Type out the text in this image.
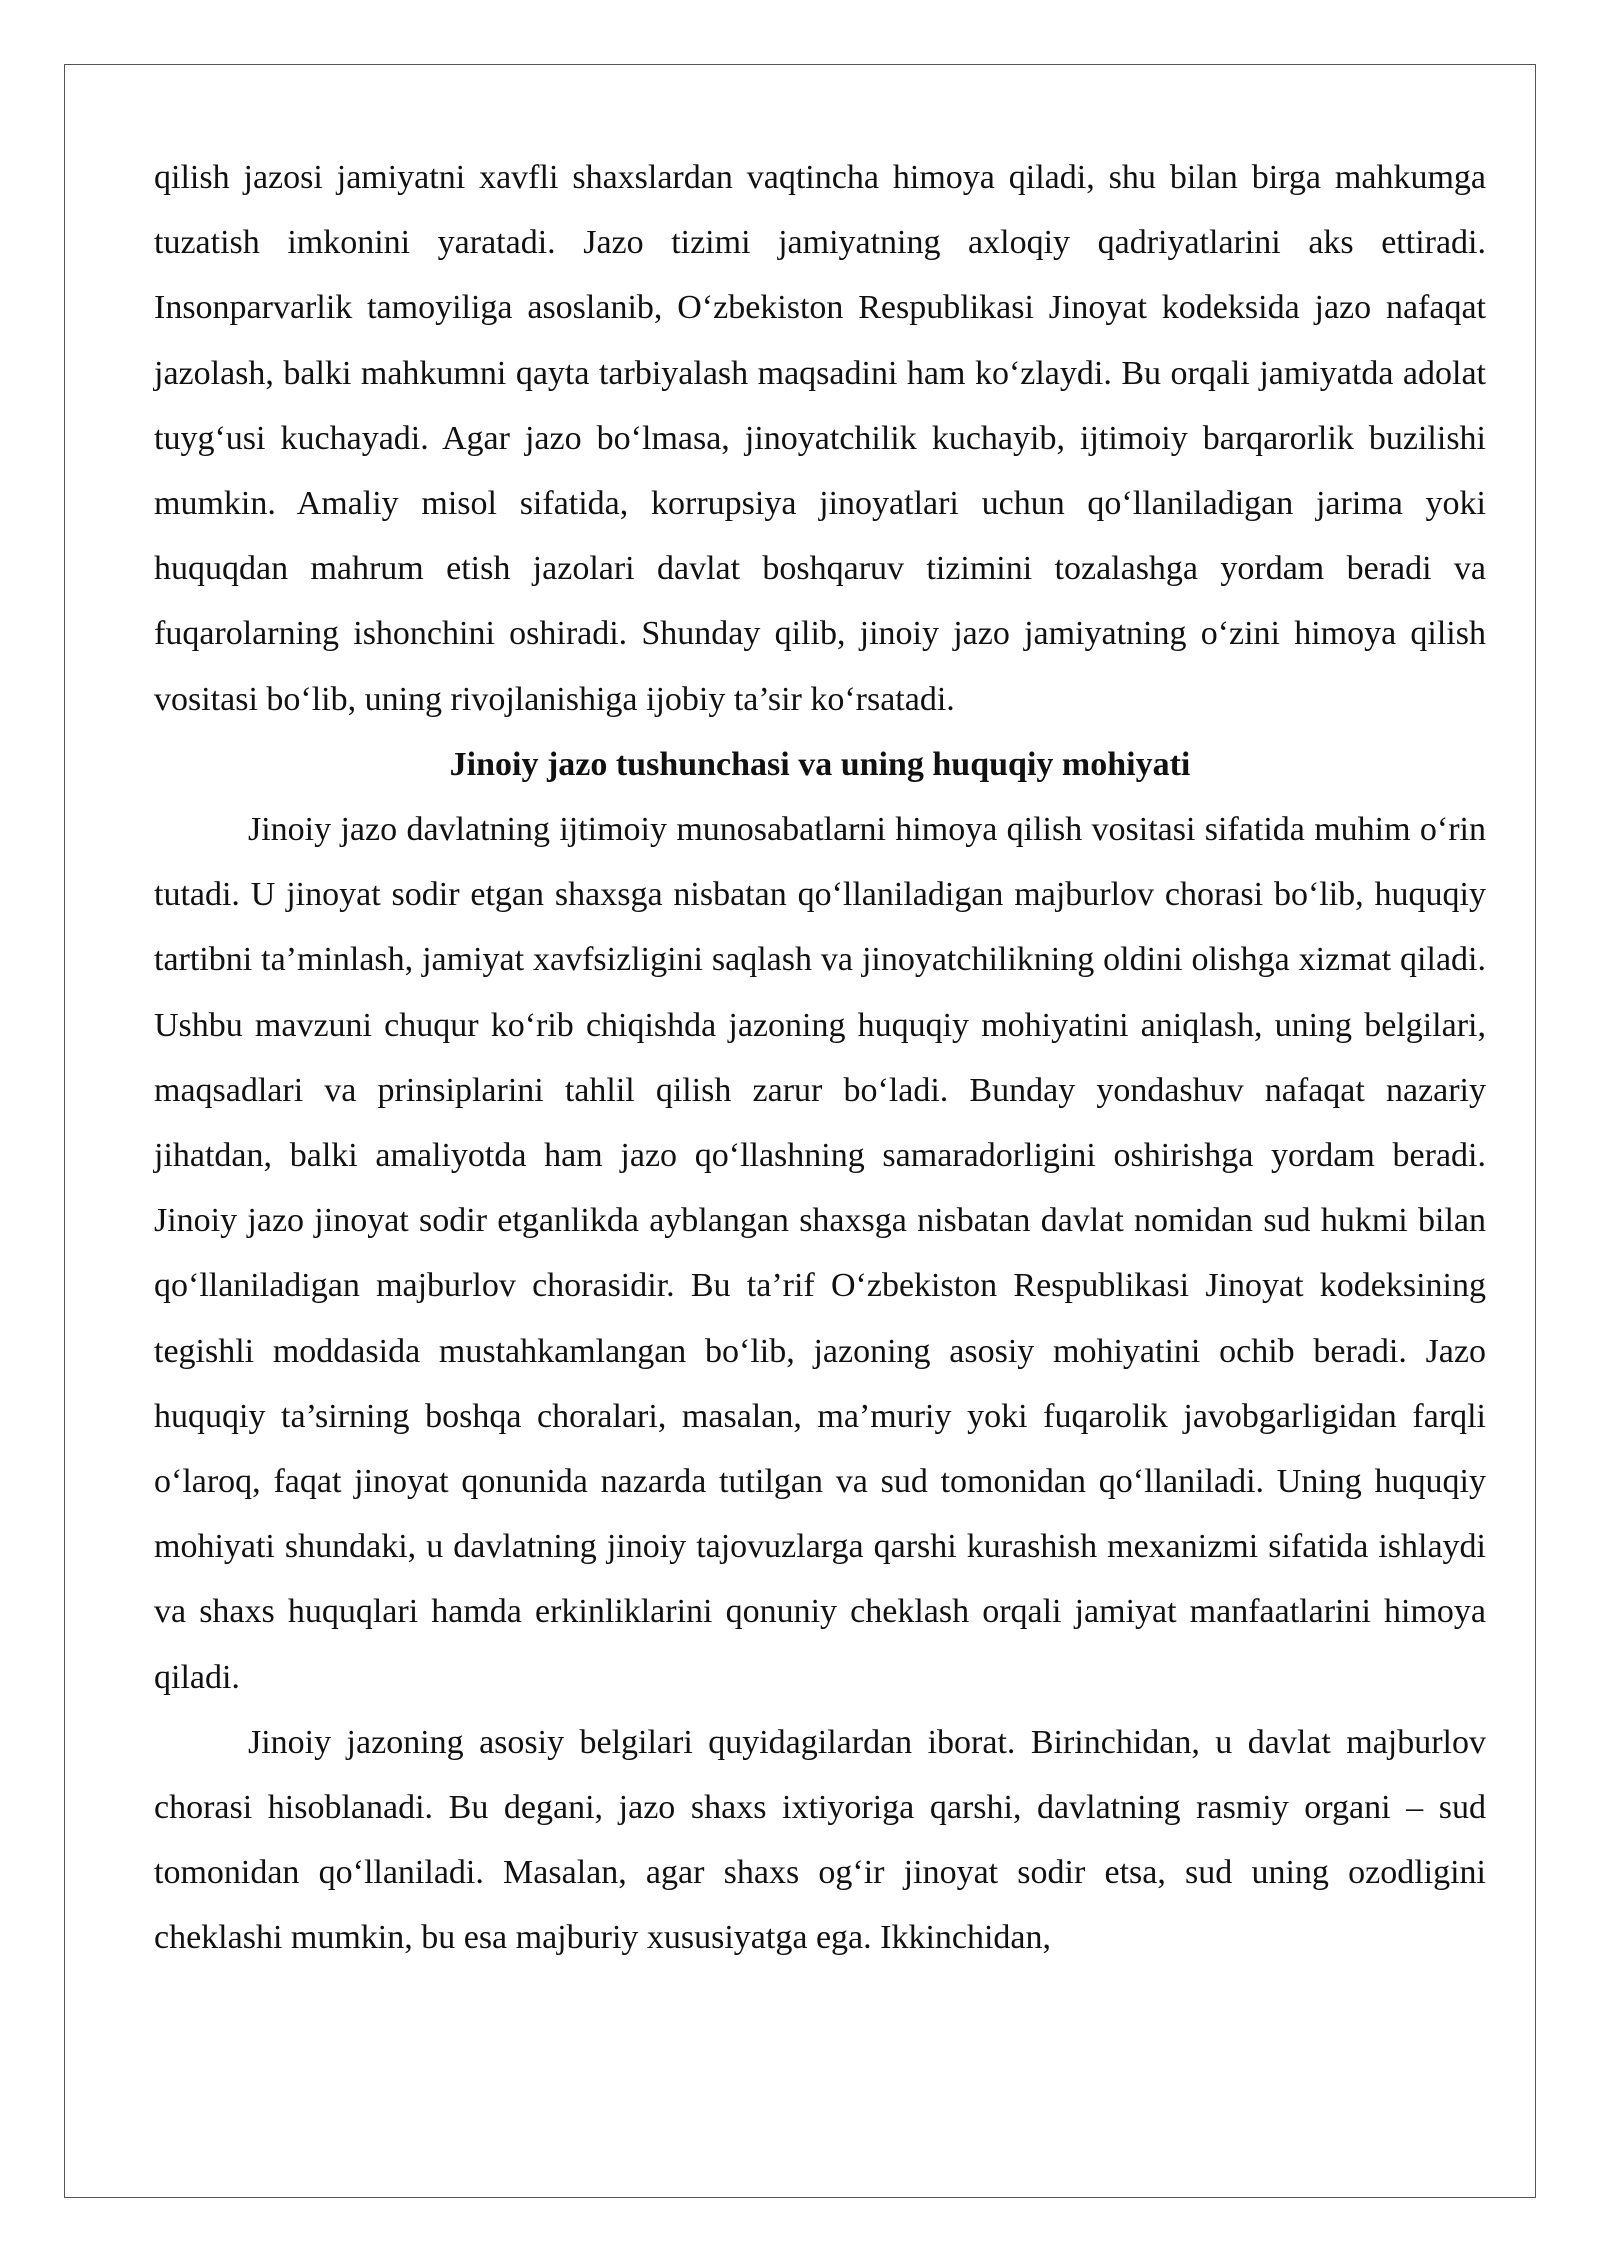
qilish jazosi jamiyatni xavfli shaxslardan vaqtincha himoya qiladi, shu bilan birga mahkumga tuzatish imkonini yaratadi. Jazo tizimi jamiyatning axloqiy qadriyatlarini aks ettiradi. Insonparvarlik tamoyiliga asoslanib, O‘zbekiston Respublikasi Jinoyat kodeksida jazo nafaqat jazolash, balki mahkumni qayta tarbiyalash maqsadini ham ko‘zlaydi. Bu orqali jamiyatda adolat tuyg‘usi kuchayadi. Agar jazo bo‘lmasa, jinoyatchilik kuchayib, ijtimoiy barqarorlik buzilishi mumkin. Amaliy misol sifatida, korrupsiya jinoyatlari uchun qo‘llaniladigan jarima yoki huquqdan mahrum etish jazolari davlat boshqaruv tizimini tozalashga yordam beradi va fuqarolarning ishonchini oshiradi. Shunday qilib, jinoiy jazo jamiyatning o‘zini himoya qilish vositasi bo‘lib, uning rivojlanishiga ijobiy ta’sir ko‘rsatadi.

Jinoiy jazo tushunchasi va uning huquqiy mohiyati

Jinoiy jazo davlatning ijtimoiy munosabatlarni himoya qilish vositasi sifatida muhim o‘rin tutadi. U jinoyat sodir etgan shaxsga nisbatan qo‘llaniladigan majburlov chorasi bo‘lib, huquqiy tartibni ta’minlash, jamiyat xavfsizligini saqlash va jinoyatchilikning oldini olishga xizmat qiladi. Ushbu mavzuni chuqur ko‘rib chiqishda jazoning huquqiy mohiyatini aniqlash, uning belgilari, maqsadlari va prinsiplarini tahlil qilish zarur bo‘ladi. Bunday yondashuv nafaqat nazariy jihatdan, balki amaliyotda ham jazo qo‘llashning samaradorligini oshirishga yordam beradi. Jinoiy jazo jinoyat sodir etganlikda ayblangan shaxsga nisbatan davlat nomidan sud hukmi bilan qo‘llaniladigan majburlov chorasidir. Bu ta’rif O‘zbekiston Respublikasi Jinoyat kodeksining tegishli moddasida mustahkamlangan bo‘lib, jazoning asosiy mohiyatini ochib beradi. Jazo huquqiy ta’sirning boshqa choralari, masalan, ma’muriy yoki fuqarolik javobgarligidan farqli o‘laroq, faqat jinoyat qonunida nazarda tutilgan va sud tomonidan qo‘llaniladi. Uning huquqiy mohiyati shundaki, u davlatning jinoiy tajovuzlarga qarshi kurashish mexanizmi sifatida ishlaydi va shaxs huquqlari hamda erkinliklarini qonuniy cheklash orqali jamiyat manfaatlarini himoya qiladi.

Jinoiy jazoning asosiy belgilari quyidagilardan iborat. Birinchidan, u davlat majburlov chorasi hisoblanadi. Bu degani, jazo shaxs ixtiyoriga qarshi, davlatning rasmiy organi – sud tomonidan qo‘llaniladi. Masalan, agar shaxs og‘ir jinoyat sodir etsa, sud uning ozodligini cheklashi mumkin, bu esa majburiy xususiyatga ega. Ikkinchidan,
